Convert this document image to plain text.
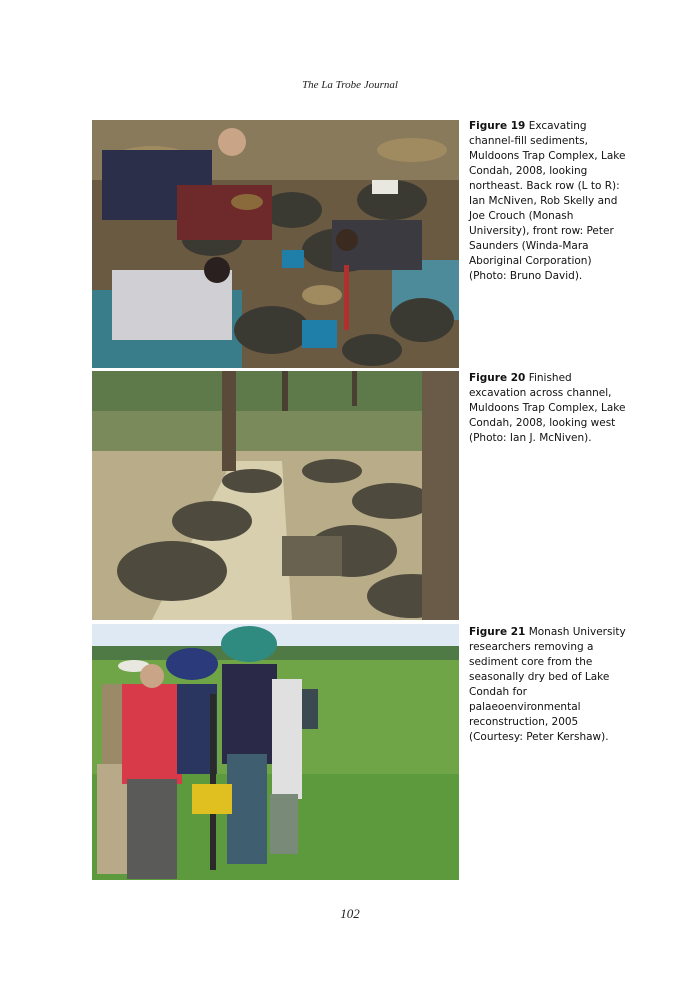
The La Trobe Journal
Figure 19 Excavating channel-fill sediments, Muldoons Trap Complex, Lake Condah, 2008, looking northeast. Back row (L to R): Ian McNiven, Rob Skelly and Joe Crouch (Monash University), front row: Peter Saunders (Winda-Mara Aboriginal Corporation) (Photo: Bruno David).
Figure 20 Finished excavation across channel, Muldoons Trap Complex, Lake Condah, 2008, looking west (Photo: Ian J. McNiven).
Figure 21 Monash University researchers removing a sediment core from the seasonally dry bed of Lake Condah for palaeoenvironmental reconstruction, 2005 (Courtesy: Peter Kershaw).
102
